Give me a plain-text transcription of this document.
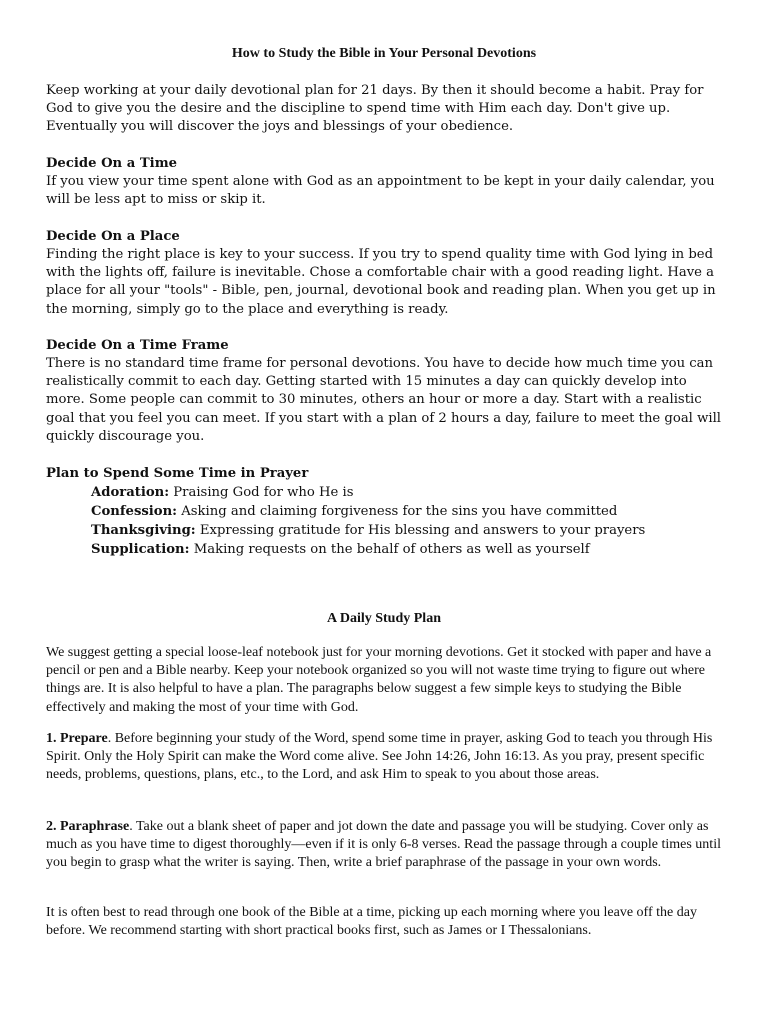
How to Study the Bible in Your Personal Devotions

Keep working at your daily devotional plan for 21 days. By then it should become a habit. Pray for God to give you the desire and the discipline to spend time with Him each day. Don't give up. Eventually you will discover the joys and blessings of your obedience.

Decide On a Time

If you view your time spent alone with God as an appointment to be kept in your daily calendar, you will be less apt to miss or skip it.

Decide On a Place

Finding the right place is key to your success. If you try to spend quality time with God lying in bed with the lights off, failure is inevitable. Chose a comfortable chair with a good reading light. Have a place for all your "tools" - Bible, pen, journal, devotional book and reading plan. When you get up in the morning, simply go to the place and everything is ready.

Decide On a Time Frame

There is no standard time frame for personal devotions. You have to decide how much time you can realistically commit to each day. Getting started with 15 minutes a day can quickly develop into more. Some people can commit to 30 minutes, others an hour or more a day. Start with a realistic goal that you feel you can meet. If you start with a plan of 2 hours a day, failure to meet the goal will quickly discourage you.

Plan to Spend Some Time in Prayer

Adoration: Praising God for who He is

Confession: Asking and claiming forgiveness for the sins you have committed

Thanksgiving: Expressing gratitude for His blessing and answers to your prayers

Supplication: Making requests on the behalf of others as well as yourself

A Daily Study Plan

We suggest getting a special loose-leaf notebook just for your morning devotions. Get it stocked with paper and have a pencil or pen and a Bible nearby. Keep your notebook organized so you will not waste time trying to figure out where things are. It is also helpful to have a plan. The paragraphs below suggest a few simple keys to studying the Bible effectively and making the most of your time with God.

1. Prepare. Before beginning your study of the Word, spend some time in prayer, asking God to teach you through His Spirit. Only the Holy Spirit can make the Word come alive. See John 14:26, John 16:13. As you pray, present specific needs, problems, questions, plans, etc., to the Lord, and ask Him to speak to you about those areas.

2. Paraphrase. Take out a blank sheet of paper and jot down the date and passage you will be studying. Cover only as much as you have time to digest thoroughly—even if it is only 6-8 verses. Read the passage through a couple times until you begin to grasp what the writer is saying. Then, write a brief paraphrase of the passage in your own words.

It is often best to read through one book of the Bible at a time, picking up each morning where you leave off the day before. We recommend starting with short practical books first, such as James or I Thessalonians.
